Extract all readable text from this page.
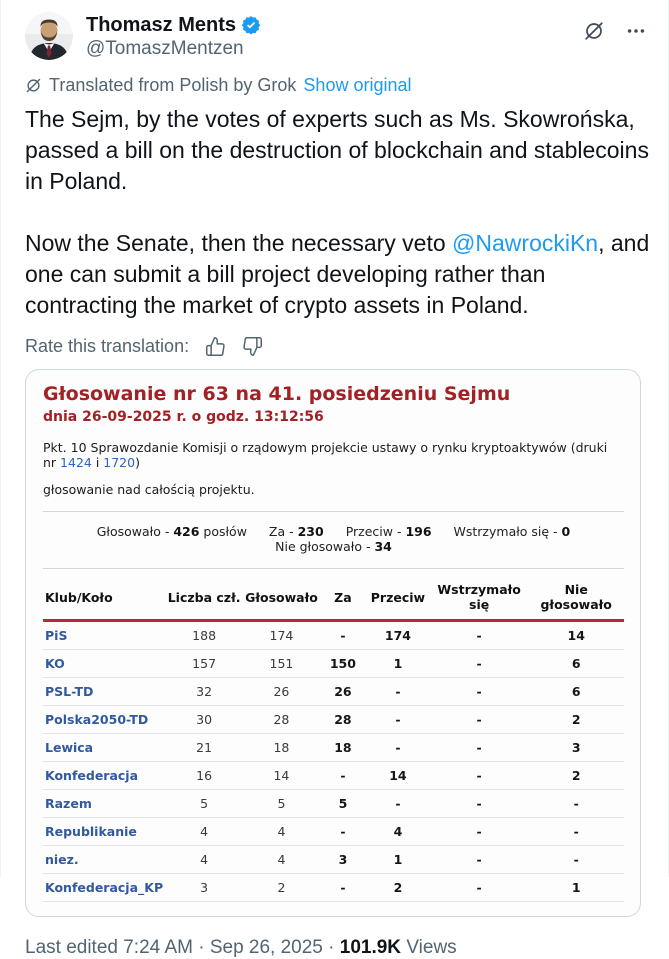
Thomasz Ments
@TomaszMentzen
Translated from Polish by Grok Show original

The Sejm, by the votes of experts such as Ms. Skowrońska, passed a bill on the destruction of blockchain and stablecoins in Poland.

Now the Senate, then the necessary veto @NawrockiKn, and one can submit a bill project developing rather than contracting the market of crypto assets in Poland.

Rate this translation:
Głosowanie nr 63 na 41. posiedzeniu Sejmu
dnia 26-09-2025 r. o godz. 13:12:56
Pkt. 10 Sprawozdanie Komisji o rządowym projekcie ustawy o rynku kryptoaktywów (druki nr 1424 i 1720)
głosowanie nad całością projektu.
Głosowało - 426 posłów Za - 230 Przeciw - 196 Wstrzymało się - 0 Nie głosowało - 34
Klub/Koło	Liczba czł.	Głosowało	Za	Przeciw	Wstrzymało się	Nie głosowało
PiS	188	174	-	174	-	14
KO	157	151	150	1	-	6
PSL-TD	32	26	26	-	-	6
Polska2050-TD	30	28	28	-	-	2
Lewica	21	18	18	-	-	3
Konfederacja	16	14	-	14	-	2
Razem	5	5	5	-	-	-
Republikanie	4	4	-	4	-	-
niez.	4	4	3	1	-	-
Konfederacja_KP	3	2	-	2	-	1
Last edited 7:24 AM · Sep 26, 2025 · 101.9K Views
